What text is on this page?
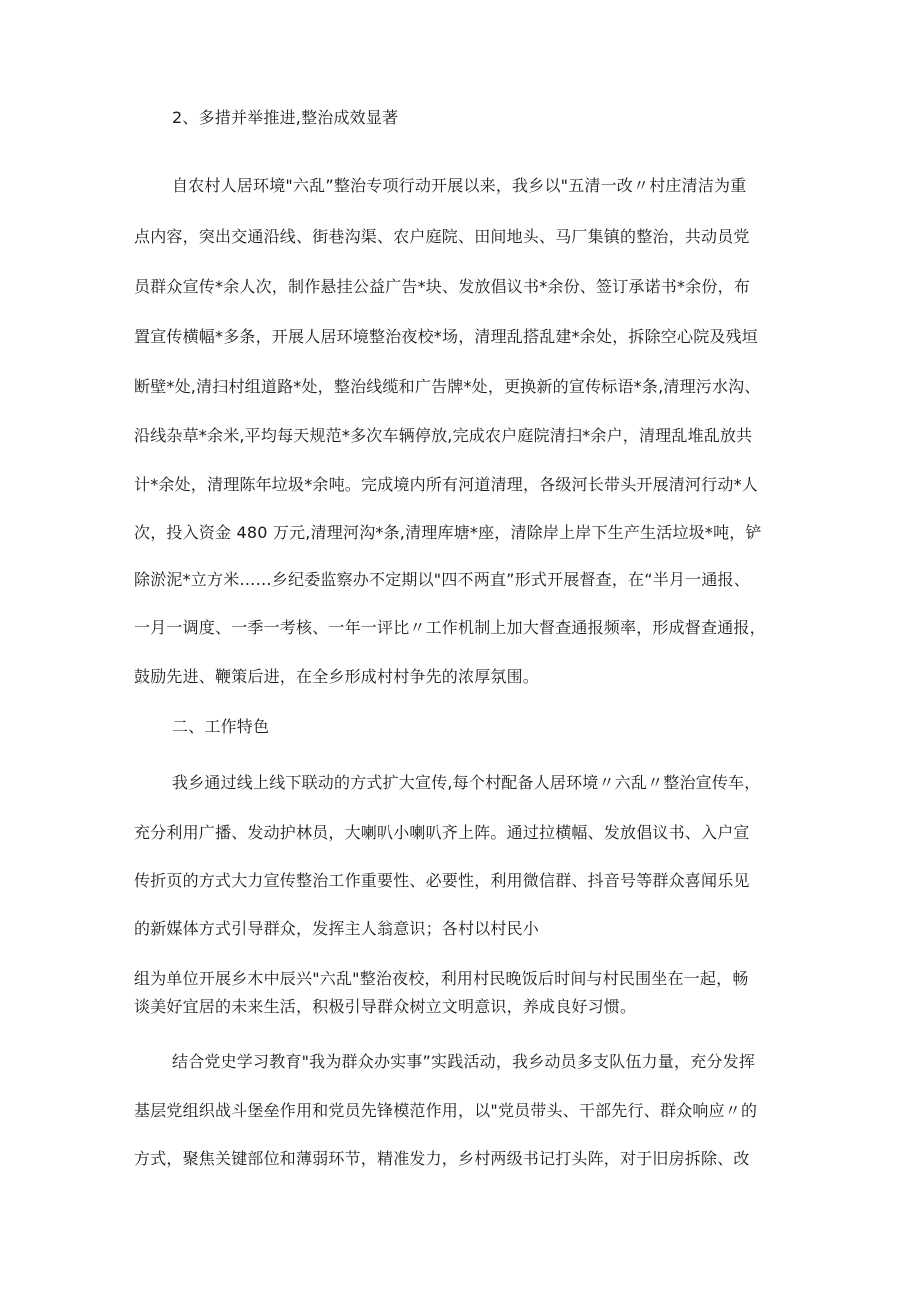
2、多措并举推进,整治成效显著
自农村人居环境"六乱”整治专项行动开展以来，我乡以"五清一改〃村庄清洁为重
点内容，突出交通沿线、街巷沟渠、农户庭院、田间地头、马厂集镇的整治，共动员党
员群众宣传*余人次，制作悬挂公益广告*块、发放倡议书*余份、签订承诺书*余份，布
置宣传横幅*多条，开展人居环境整治夜校*场，清理乱搭乱建*余处，拆除空心院及残垣
断壁*处,清扫村组道路*处，整治线缆和广告牌*处，更换新的宣传标语*条,清理污水沟、
沿线杂草*余米,平均每天规范*多次车辆停放,完成农户庭院清扫*余户，清理乱堆乱放共
计*余处，清理陈年垃圾*余吨。完成境内所有河道清理，各级河长带头开展清河行动*人
次，投入资金 480 万元,清理河沟*条,清理库塘*座，清除岸上岸下生产生活垃圾*吨，铲
除淤泥*立方米……乡纪委监察办不定期以"四不两直”形式开展督查，在“半月一通报、
一月一调度、一季一考核、一年一评比〃工作机制上加大督查通报频率，形成督查通报，
鼓励先进、鞭策后进，在全乡形成村村争先的浓厚氛围。
二、工作特色
我乡通过线上线下联动的方式扩大宣传,每个村配备人居环境〃六乱〃整治宣传车，
充分利用广播、发动护林员，大喇叭小喇叭齐上阵。通过拉横幅、发放倡议书、入户宣
传折页的方式大力宣传整治工作重要性、必要性，利用微信群、抖音号等群众喜闻乐见
的新媒体方式引导群众，发挥主人翁意识；各村以村民小
组为单位开展乡木中辰兴"六乱"整治夜校，利用村民晚饭后时间与村民围坐在一起，畅
谈美好宜居的未来生活，积极引导群众树立文明意识，养成良好习惯。
结合党史学习教育"我为群众办实事”实践活动，我乡动员多支队伍力量，充分发挥
基层党组织战斗堡垒作用和党员先锋模范作用，以"党员带头、干部先行、群众响应〃的
方式，聚焦关键部位和薄弱环节，精准发力，乡村两级书记打头阵，对于旧房拆除、改
